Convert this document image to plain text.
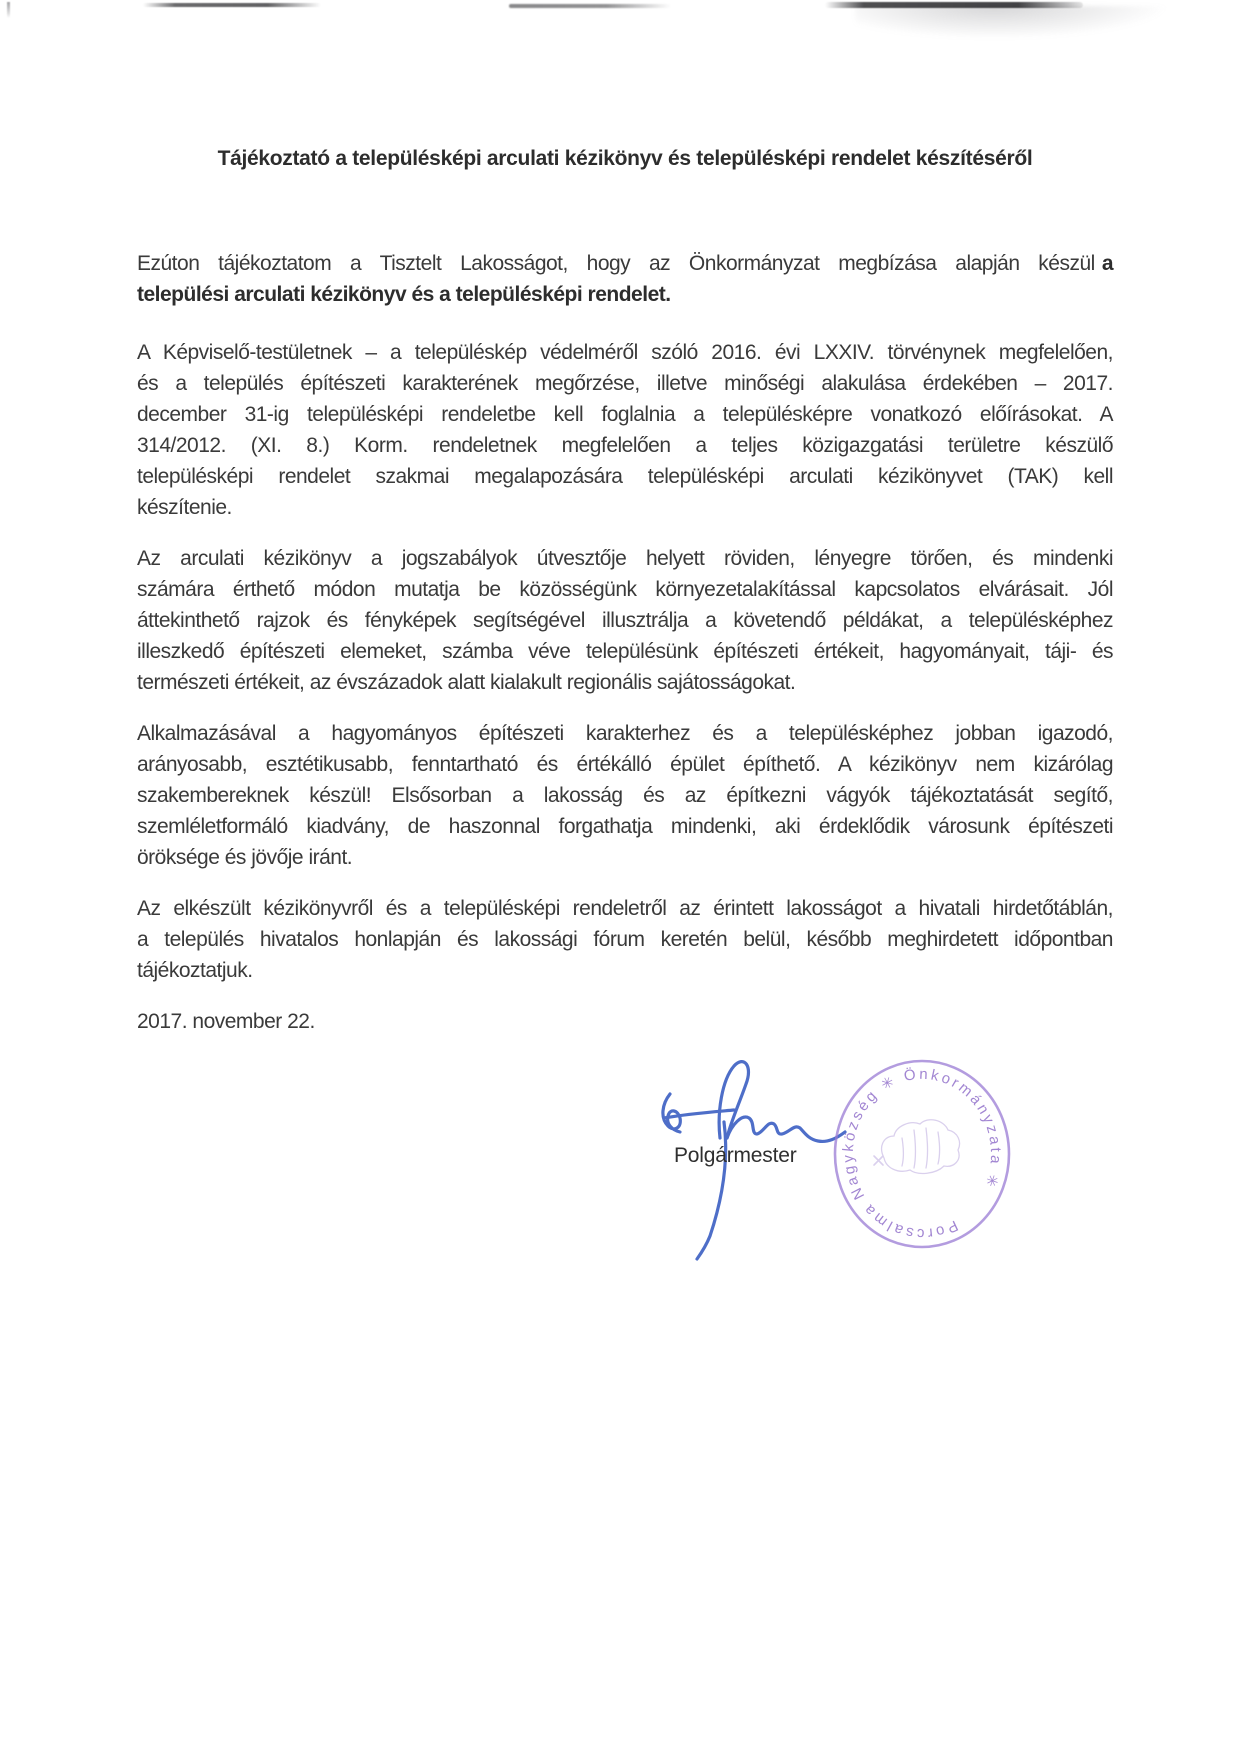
Tájékoztató a településképi arculati kézikönyv és településképi rendelet készítéséről

Ezúton tájékoztatom a Tisztelt Lakosságot, hogy az Önkormányzat megbízása alapján készül a
települési arculati kézikönyv és a településképi rendelet.

A Képviselő-testületnek – a településkép védelméről szóló 2016. évi LXXIV. törvénynek megfelelően,
és a település építészeti karakterének megőrzése, illetve minőségi alakulása érdekében – 2017.
december 31-ig településképi rendeletbe kell foglalnia a településképre vonatkozó előírásokat. A
314/2012. (XI. 8.) Korm. rendeletnek megfelelően a teljes közigazgatási területre készülő
településképi rendelet szakmai megalapozására településképi arculati kézikönyvet (TAK) kell
készítenie.

Az arculati kézikönyv a jogszabályok útvesztője helyett röviden, lényegre törően, és mindenki
számára érthető módon mutatja be közösségünk környezetalakítással kapcsolatos elvárásait. Jól
áttekinthető rajzok és fényképek segítségével illusztrálja a követendő példákat, a településképhez
illeszkedő építészeti elemeket, számba véve településünk építészeti értékeit, hagyományait, táji- és
természeti értékeit, az évszázadok alatt kialakult regionális sajátosságokat.

Alkalmazásával a hagyományos építészeti karakterhez és a településképhez jobban igazodó,
arányosabb, esztétikusabb, fenntartható és értékálló épület építhető. A kézikönyv nem kizárólag
szakembereknek készül! Elsősorban a lakosság és az építkezni vágyók tájékoztatását segítő,
szemléletformáló kiadvány, de haszonnal forgathatja mindenki, aki érdeklődik városunk építészeti
öröksége és jövője iránt.

Az elkészült kézikönyvről és a településképi rendeletről az érintett lakosságot a hivatali hirdetőtáblán,
a település hivatalos honlapján és lakossági fórum keretén belül, később meghirdetett időpontban
tájékoztatjuk.

2017. november 22.
Polgármester
Porcsalma Nagyközség ✳ Önkormányzata ✳
